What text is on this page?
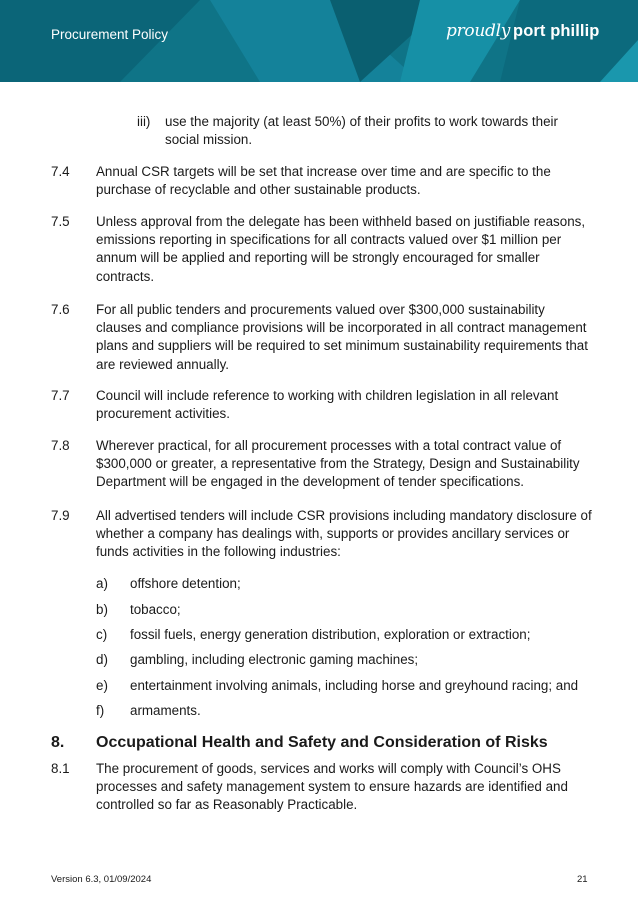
Procurement Policy	proudly port phillip
iii) use the majority (at least 50%) of their profits to work towards their social mission.
7.4 Annual CSR targets will be set that increase over time and are specific to the purchase of recyclable and other sustainable products.
7.5 Unless approval from the delegate has been withheld based on justifiable reasons, emissions reporting in specifications for all contracts valued over $1 million per annum will be applied and reporting will be strongly encouraged for smaller contracts.
7.6 For all public tenders and procurements valued over $300,000 sustainability clauses and compliance provisions will be incorporated in all contract management plans and suppliers will be required to set minimum sustainability requirements that are reviewed annually.
7.7 Council will include reference to working with children legislation in all relevant procurement activities.
7.8 Wherever practical, for all procurement processes with a total contract value of $300,000 or greater, a representative from the Strategy, Design and Sustainability Department will be engaged in the development of tender specifications.
7.9 All advertised tenders will include CSR provisions including mandatory disclosure of whether a company has dealings with, supports or provides ancillary services or funds activities in the following industries:
a) offshore detention;
b) tobacco;
c) fossil fuels, energy generation distribution, exploration or extraction;
d) gambling, including electronic gaming machines;
e) entertainment involving animals, including horse and greyhound racing; and
f) armaments.
8. Occupational Health and Safety and Consideration of Risks
8.1 The procurement of goods, services and works will comply with Council’s OHS processes and safety management system to ensure hazards are identified and controlled so far as Reasonably Practicable.
Version 6.3, 01/09/2024	21
